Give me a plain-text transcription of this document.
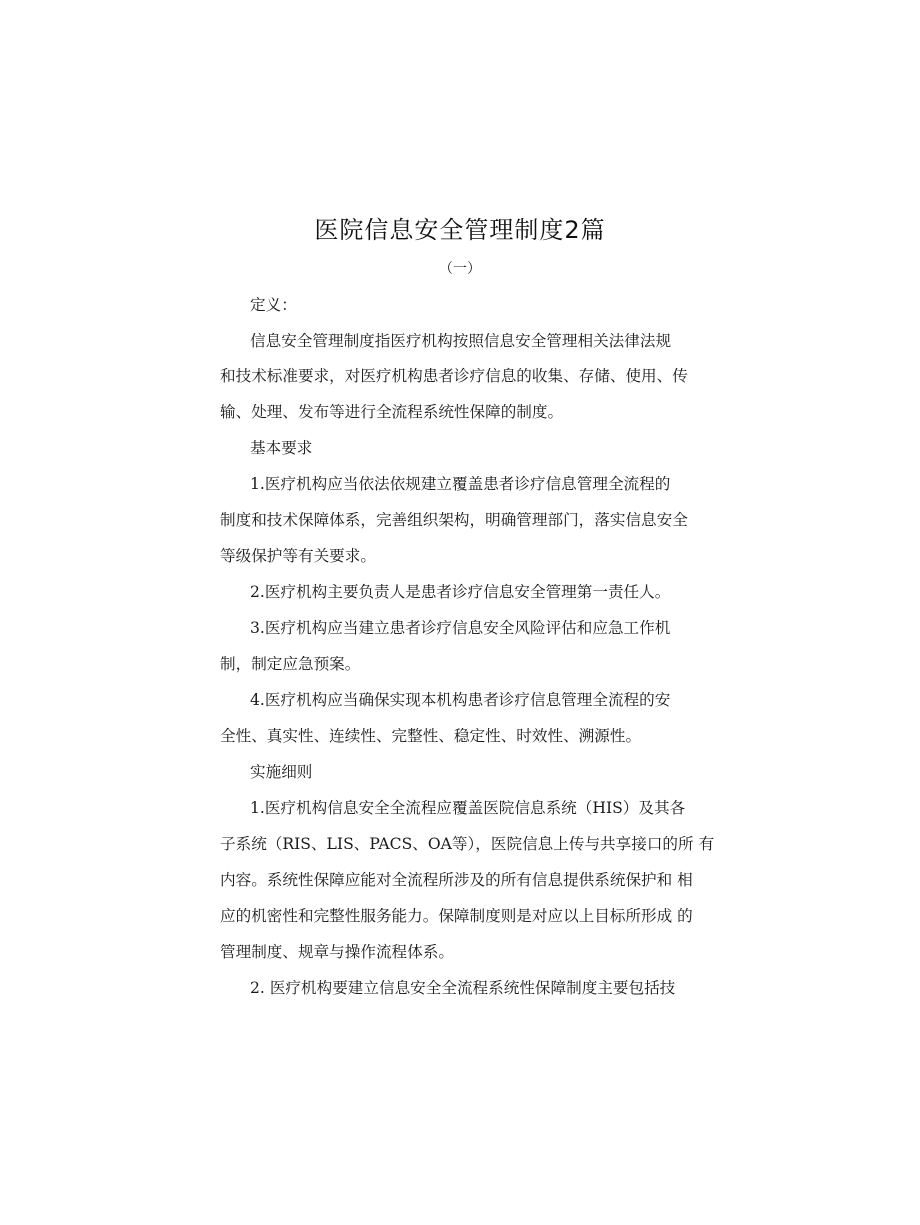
医院信息安全管理制度2篇
（一）
定义：
信息安全管理制度指医疗机构按照信息安全管理相关法律法规
和技术标准要求，对医疗机构患者诊疗信息的收集、存储、使用、传
输、处理、发布等进行全流程系统性保障的制度。
基本要求
1.医疗机构应当依法依规建立覆盖患者诊疗信息管理全流程的
制度和技术保障体系，完善组织架构，明确管理部门，落实信息安全
等级保护等有关要求。
2.医疗机构主要负责人是患者诊疗信息安全管理第一责任人。
3.医疗机构应当建立患者诊疗信息安全风险评估和应急工作机
制，制定应急预案。
4.医疗机构应当确保实现本机构患者诊疗信息管理全流程的安
全性、真实性、连续性、完整性、稳定性、时效性、溯源性。
实施细则
1.医疗机构信息安全全流程应覆盖医院信息系统（HIS）及其各
子系统（RIS、LIS、PACS、OA等），医院信息上传与共享接口的所 有
内容。系统性保障应能对全流程所涉及的所有信息提供系统保护和 相
应的机密性和完整性服务能力。保障制度则是对应以上目标所形成 的
管理制度、规章与操作流程体系。
2. 医疗机构要建立信息安全全流程系统性保障制度主要包括技
